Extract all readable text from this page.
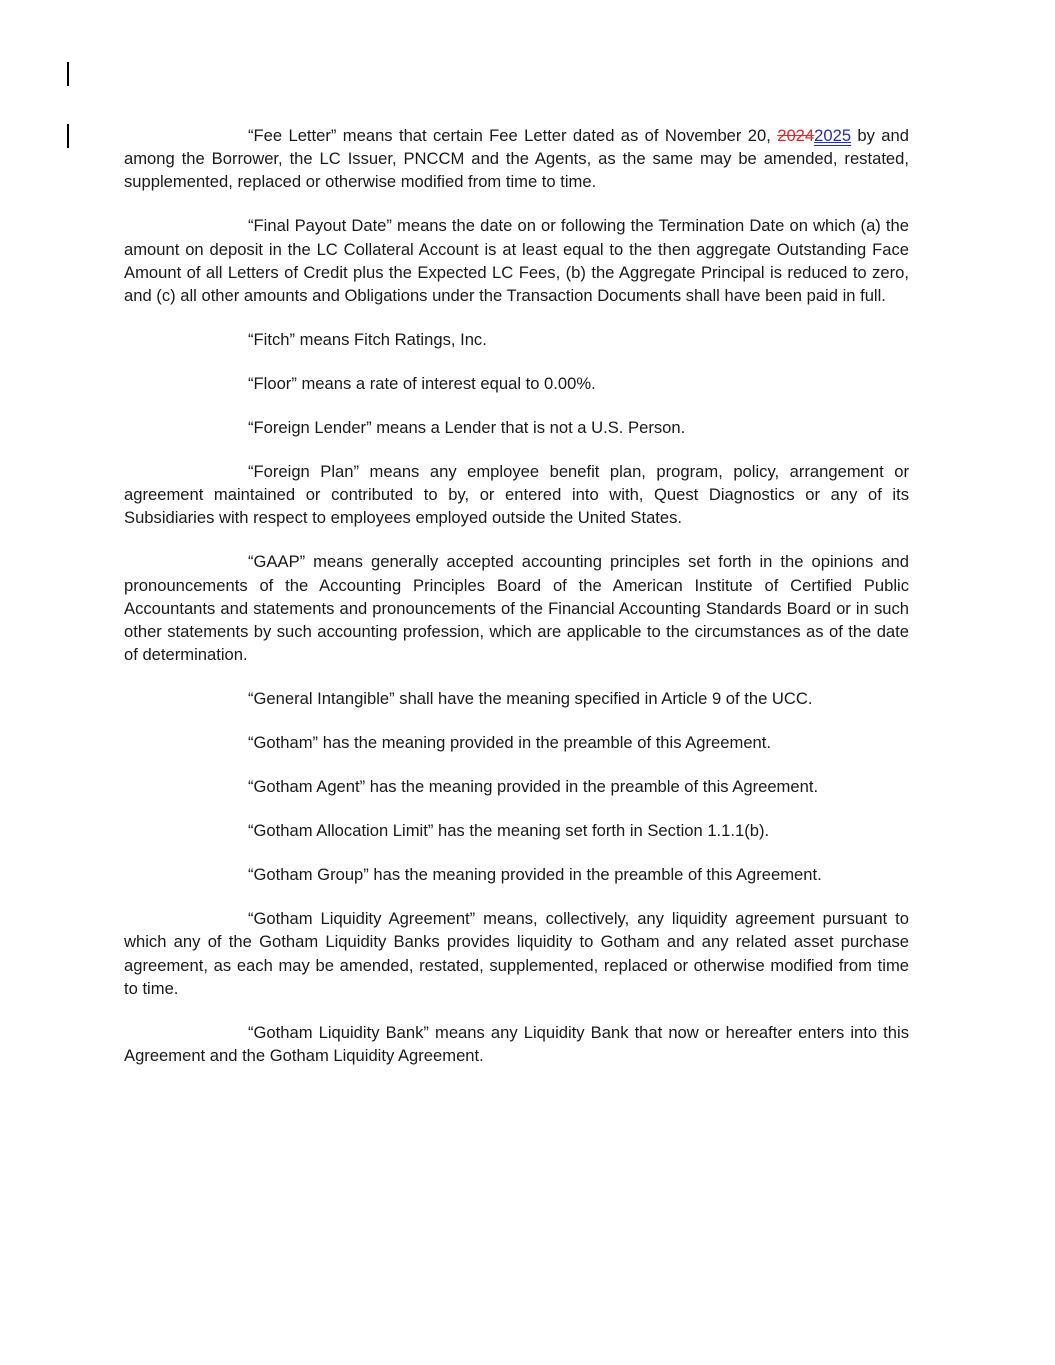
“Fee Letter” means that certain Fee Letter dated as of November 20, 20242025 by and among the Borrower, the LC Issuer, PNCCM and the Agents, as the same may be amended, restated, supplemented, replaced or otherwise modified from time to time.

“Final Payout Date” means the date on or following the Termination Date on which (a) the amount on deposit in the LC Collateral Account is at least equal to the then aggregate Outstanding Face Amount of all Letters of Credit plus the Expected LC Fees, (b) the Aggregate Principal is reduced to zero, and (c) all other amounts and Obligations under the Transaction Documents shall have been paid in full.

“Fitch” means Fitch Ratings, Inc.

“Floor” means a rate of interest equal to 0.00%.

“Foreign Lender” means a Lender that is not a U.S. Person.

“Foreign Plan” means any employee benefit plan, program, policy, arrangement or agreement maintained or contributed to by, or entered into with, Quest Diagnostics or any of its Subsidiaries with respect to employees employed outside the United States.

“GAAP” means generally accepted accounting principles set forth in the opinions and pronouncements of the Accounting Principles Board of the American Institute of Certified Public Accountants and statements and pronouncements of the Financial Accounting Standards Board or in such other statements by such accounting profession, which are applicable to the circumstances as of the date of determination.

“General Intangible” shall have the meaning specified in Article 9 of the UCC.

“Gotham” has the meaning provided in the preamble of this Agreement.

“Gotham Agent” has the meaning provided in the preamble of this Agreement.

“Gotham Allocation Limit” has the meaning set forth in Section 1.1.1(b).

“Gotham Group” has the meaning provided in the preamble of this Agreement.

“Gotham Liquidity Agreement” means, collectively, any liquidity agreement pursuant to which any of the Gotham Liquidity Banks provides liquidity to Gotham and any related asset purchase agreement, as each may be amended, restated, supplemented, replaced or otherwise modified from time to time.

“Gotham Liquidity Bank” means any Liquidity Bank that now or hereafter enters into this Agreement and the Gotham Liquidity Agreement.
